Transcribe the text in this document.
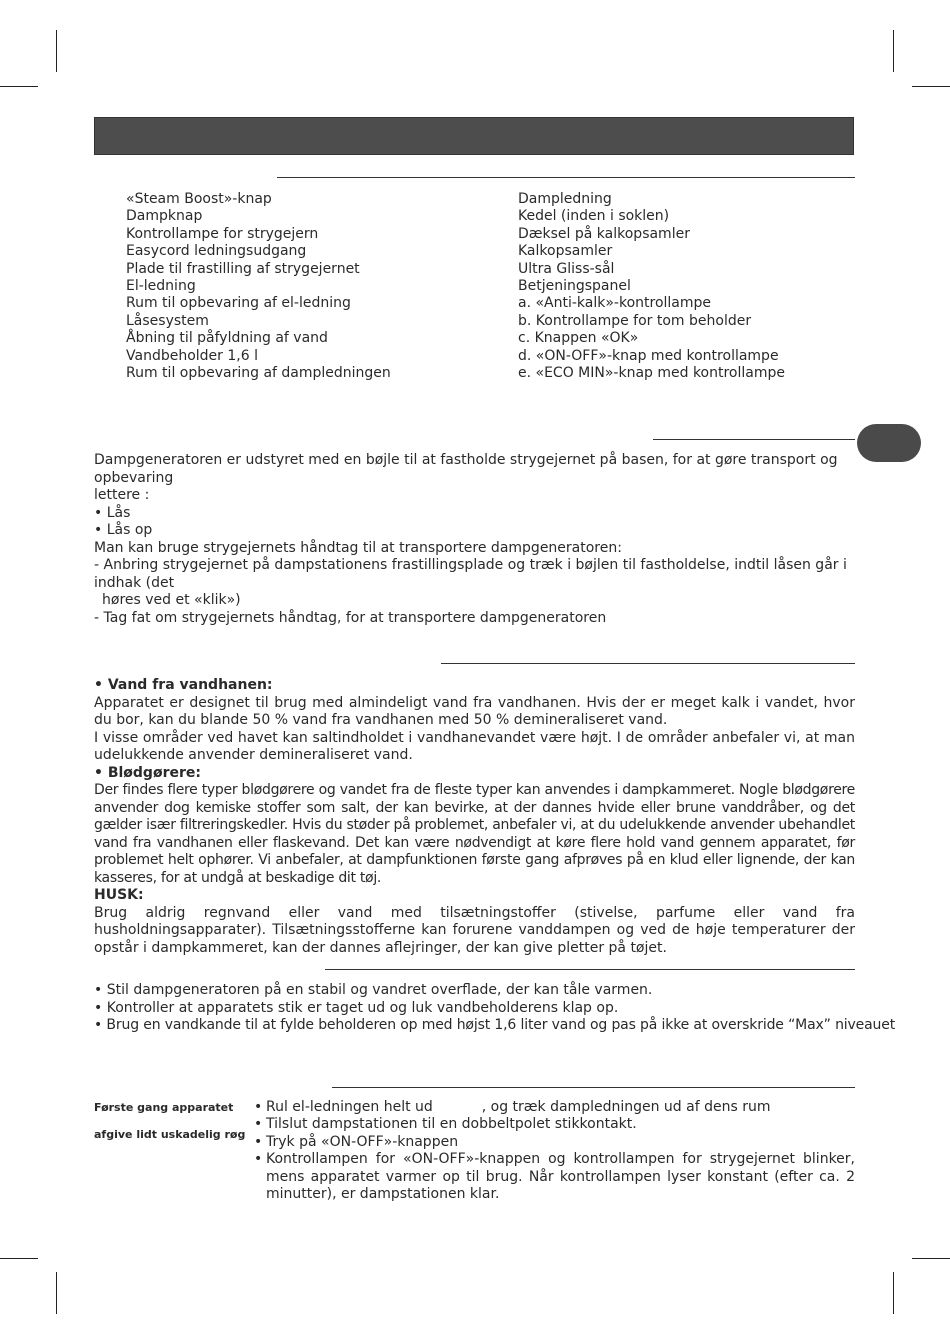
«Steam Boost»-knap
Dampknap
Kontrollampe for strygejern
Easycord ledningsudgang
Plade til frastilling af strygejernet
El-ledning
Rum til opbevaring af el-ledning
Låsesystem
Åbning til påfyldning af vand
Vandbeholder 1,6 l
Rum til opbevaring af dampledningen
Dampledning
Kedel (inden i soklen)
Dæksel på kalkopsamler
Kalkopsamler
Ultra Gliss-sål
Betjeningspanel
a. «Anti-kalk»-kontrollampe
b. Kontrollampe for tom beholder
c. Knappen «OK»
d. «ON-OFF»-knap med kontrollampe
e. «ECO MIN»-knap med kontrollampe
Dampgeneratoren er udstyret med en bøjle til at fastholde strygejernet på basen, for at gøre transport og opbevaring
lettere :
• Lås
• Lås op
Man kan bruge strygejernets håndtag til at transportere dampgeneratoren:
- Anbring strygejernet på dampstationens frastillingsplade og træk i bøjlen til fastholdelse, indtil låsen går i indhak (det
høres ved et «klik»)
- Tag fat om strygejernets håndtag, for at transportere dampgeneratoren
• Vand fra vandhanen:
Apparatet er designet til brug med almindeligt vand fra vandhanen. Hvis der er meget kalk i vandet, hvor du bor, kan du blande 50 % vand fra vandhanen med 50 % demineraliseret vand.
I visse områder ved havet kan saltindholdet i vandhanevandet være højt. I de områder anbefaler vi, at man udelukkende anvender demineraliseret vand.
• Blødgørere:
Der findes flere typer blødgørere og vandet fra de fleste typer kan anvendes i dampkammeret. Nogle blødgørere anvender dog kemiske stoffer som salt, der kan bevirke, at der dannes hvide eller brune vanddråber, og det gælder især filtreringskedler. Hvis du støder på problemet, anbefaler vi, at du udelukkende anvender ubehandlet vand fra vandhanen eller flaskevand. Det kan være nødvendigt at køre flere hold vand gennem apparatet, før problemet helt ophører. Vi anbefaler, at dampfunktionen første gang afprøves på en klud eller lignende, der kan kasseres, for at undgå at beskadige dit tøj.
HUSK:
Brug aldrig regnvand eller vand med tilsætningstoffer (stivelse, parfume eller vand fra husholdningsapparater). Tilsætningsstofferne kan forurene vanddampen og ved de høje temperaturer der opstår i dampkammeret, kan der dannes aflejringer, der kan give pletter på tøjet.
• Stil dampgeneratoren på en stabil og vandret overflade, der kan tåle varmen.
• Kontroller at apparatets stik er taget ud og luk vandbeholderens klap op.
• Brug en vandkande til at fylde beholderen op med højst 1,6 liter vand og pas på ikke at overskride “Max” niveauet
Første gang apparatet
afgive lidt uskadelig røg
• Rul el-ledningen helt ud           , og træk dampledningen ud af dens rum
• Tilslut dampstationen til en dobbeltpolet stikkontakt.
• Tryk på «ON-OFF»-knappen
• Kontrollampen for «ON-OFF»-knappen og kontrollampen for strygejernet blinker, mens apparatet varmer op til brug. Når kontrollampen lyser konstant (efter ca. 2 minutter), er dampstationen klar.
